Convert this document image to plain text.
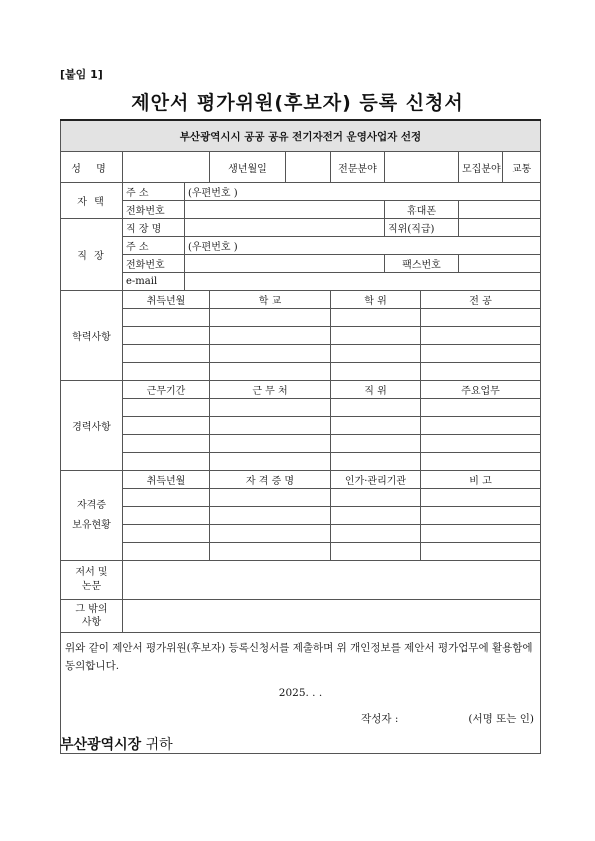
[붙임 1]
제안서 평가위원(후보자) 등록 신청서
부산광역시시 공공 공유 전기자전거 운영사업자 선정									
성 명			생년월일		전문분야			모집분야	교통
자 택	주 소	(우편번호 )							
	전화번호					휴대폰			
직 장	직 장 명					직위(직급)			
	주 소	(우편번호 )							
	전화번호					팩스번호			
	e-mail								
학력사항	취득년월		학 교		학 위		전 공		

경력사항	근무기간		근 무 처		직 위		주요업무		

자격증
보유현황	취득년월		자 격 증 명		인가·관리기관		비 고		

저서 및
논문									
그 밖의
사항									

위와 같이 제안서 평가위원(후보자) 등록신청서를 제출하며 위 개인정보를 제안서 평가업무에 활용함에 동의합니다.
2025. . .
작성자 : (서명 또는 인)									
부산광역시장 귀하
